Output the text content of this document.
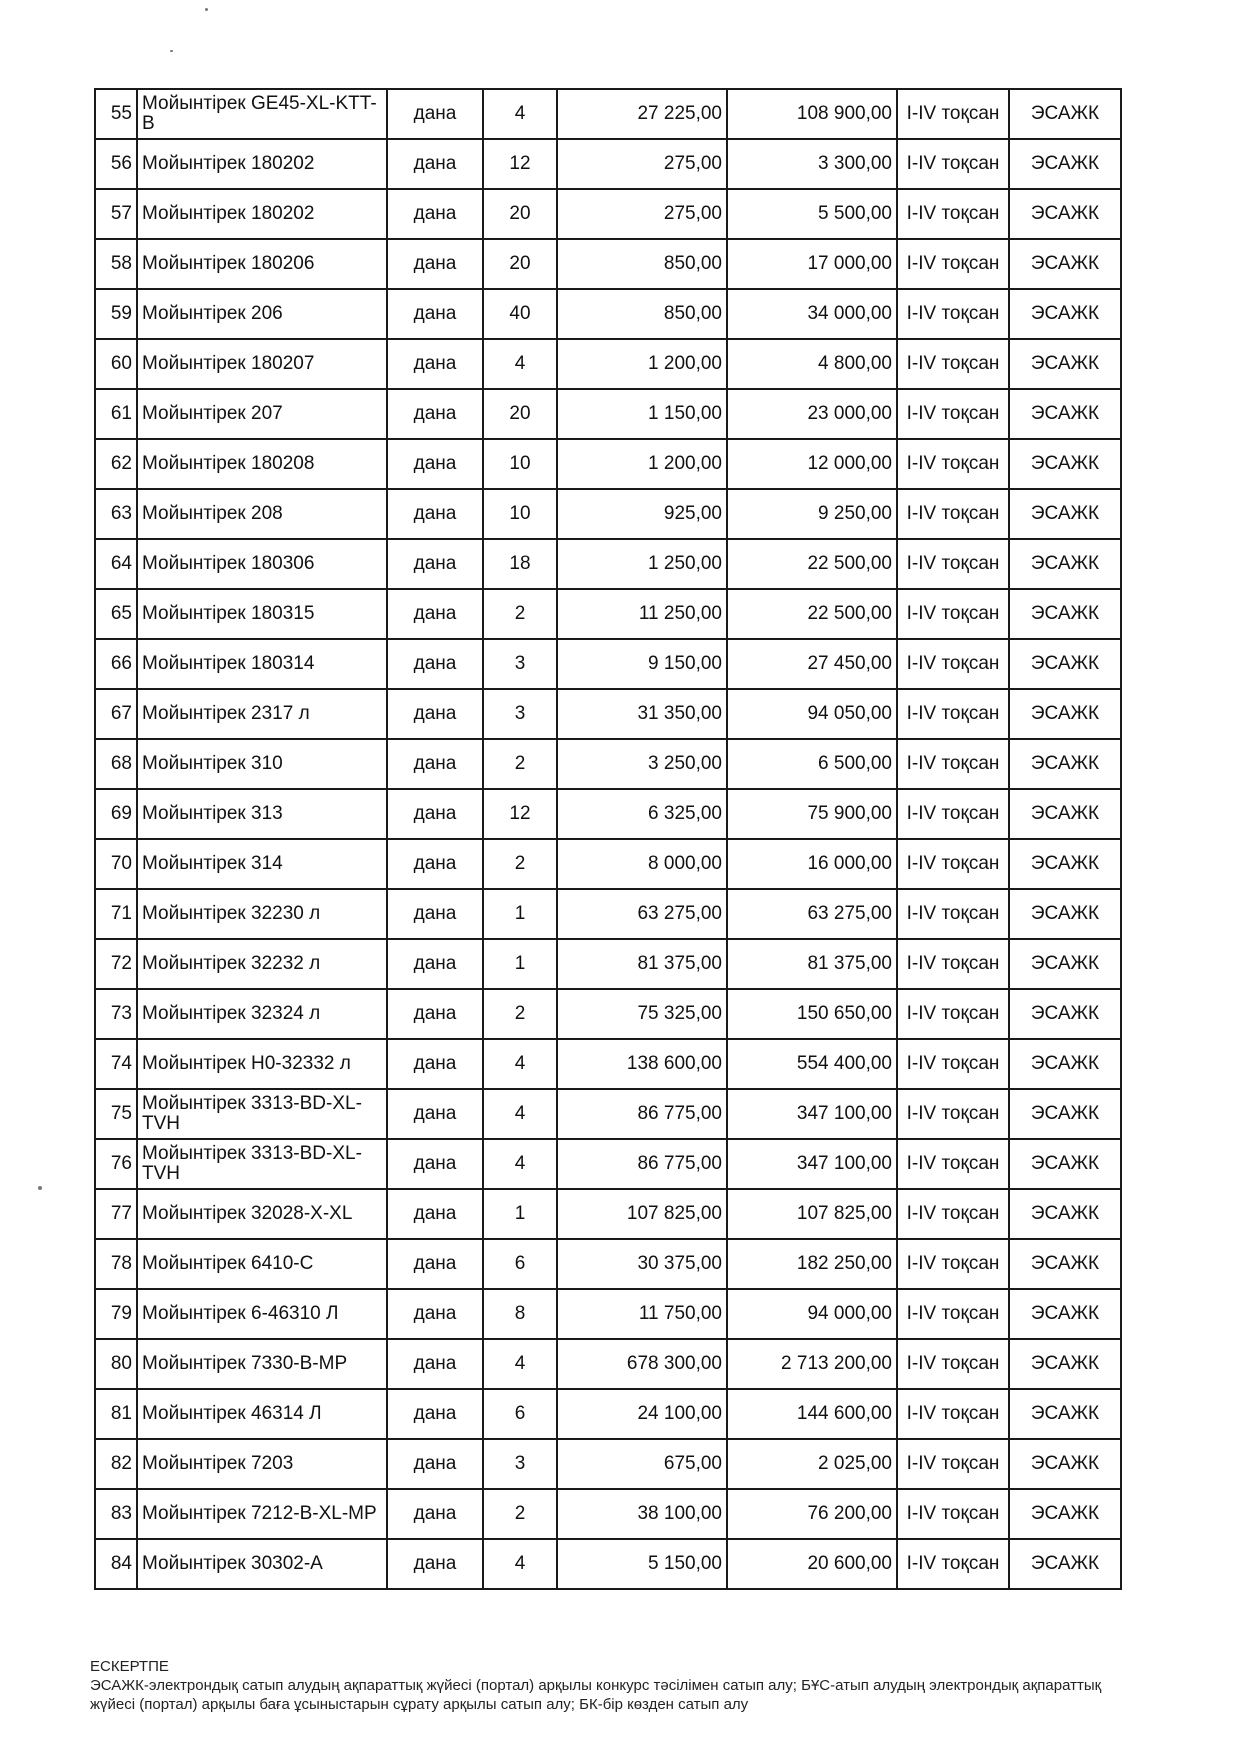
55	Мойынтірек GE45-XL-KTT-B	дана	4	27 225,00	108 900,00	I-IV тоқсан	ЭСАЖК
56	Мойынтірек 180202	дана	12	275,00	3 300,00	I-IV тоқсан	ЭСАЖК
57	Мойынтірек 180202	дана	20	275,00	5 500,00	I-IV тоқсан	ЭСАЖК
58	Мойынтірек 180206	дана	20	850,00	17 000,00	I-IV тоқсан	ЭСАЖК
59	Мойынтірек 206	дана	40	850,00	34 000,00	I-IV тоқсан	ЭСАЖК
60	Мойынтірек 180207	дана	4	1 200,00	4 800,00	I-IV тоқсан	ЭСАЖК
61	Мойынтірек 207	дана	20	1 150,00	23 000,00	I-IV тоқсан	ЭСАЖК
62	Мойынтірек 180208	дана	10	1 200,00	12 000,00	I-IV тоқсан	ЭСАЖК
63	Мойынтірек 208	дана	10	925,00	9 250,00	I-IV тоқсан	ЭСАЖК
64	Мойынтірек 180306	дана	18	1 250,00	22 500,00	I-IV тоқсан	ЭСАЖК
65	Мойынтірек 180315	дана	2	11 250,00	22 500,00	I-IV тоқсан	ЭСАЖК
66	Мойынтірек 180314	дана	3	9 150,00	27 450,00	I-IV тоқсан	ЭСАЖК
67	Мойынтірек 2317 л	дана	3	31 350,00	94 050,00	I-IV тоқсан	ЭСАЖК
68	Мойынтірек 310	дана	2	3 250,00	6 500,00	I-IV тоқсан	ЭСАЖК
69	Мойынтірек 313	дана	12	6 325,00	75 900,00	I-IV тоқсан	ЭСАЖК
70	Мойынтірек 314	дана	2	8 000,00	16 000,00	I-IV тоқсан	ЭСАЖК
71	Мойынтірек 32230 л	дана	1	63 275,00	63 275,00	I-IV тоқсан	ЭСАЖК
72	Мойынтірек 32232 л	дана	1	81 375,00	81 375,00	I-IV тоқсан	ЭСАЖК
73	Мойынтірек 32324 л	дана	2	75 325,00	150 650,00	I-IV тоқсан	ЭСАЖК
74	Мойынтірек Н0-32332 л	дана	4	138 600,00	554 400,00	I-IV тоқсан	ЭСАЖК
75	Мойынтірек 3313-BD-XL-TVH	дана	4	86 775,00	347 100,00	I-IV тоқсан	ЭСАЖК
76	Мойынтірек 3313-BD-XL-TVH	дана	4	86 775,00	347 100,00	I-IV тоқсан	ЭСАЖК
77	Мойынтірек 32028-X-XL	дана	1	107 825,00	107 825,00	I-IV тоқсан	ЭСАЖК
78	Мойынтірек 6410-С	дана	6	30 375,00	182 250,00	I-IV тоқсан	ЭСАЖК
79	Мойынтірек 6-46310 Л	дана	8	11 750,00	94 000,00	I-IV тоқсан	ЭСАЖК
80	Мойынтірек 7330-В-МР	дана	4	678 300,00	2 713 200,00	I-IV тоқсан	ЭСАЖК
81	Мойынтірек 46314 Л	дана	6	24 100,00	144 600,00	I-IV тоқсан	ЭСАЖК
82	Мойынтірек 7203	дана	3	675,00	2 025,00	I-IV тоқсан	ЭСАЖК
83	Мойынтірек 7212-В-XL-МР	дана	2	38 100,00	76 200,00	I-IV тоқсан	ЭСАЖК
84	Мойынтірек 30302-А	дана	4	5 150,00	20 600,00	I-IV тоқсан	ЭСАЖК
ЕСКЕРТПЕ
ЭСАЖК-электрондық сатып алудың ақпараттық жүйесі (портал) арқылы конкурс тәсілімен сатып алу; БҰС-атып алудың электрондық ақпараттық жүйесі (портал) арқылы баға ұсыныстарын сұрату арқылы сатып алу; БК-бір көзден сатып алу
